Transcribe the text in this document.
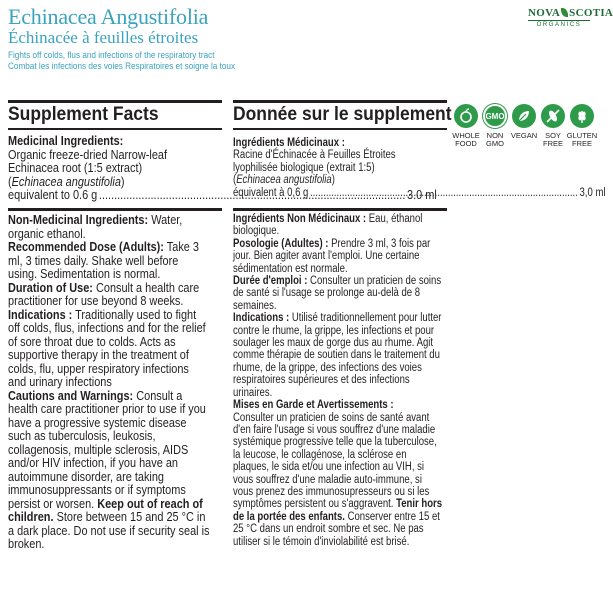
Echinacea Angustifolia
Échinacée à feuilles étroites
Fights off colds, flus and infections of the respiratory tract
Combat les infections des voies Respiratoires et soigne la toux
NOVA SCOTIA
ORGANICS
Supplement Facts	Donnée sur le supplement
Medicinal Ingredients:
Organic freeze-dried Narrow-leaf
Echinacea root (1:5 extract)
(Echinacea angustifolia)
equivalent to 0.6 g .....	3.0 ml

Non-Medicinal Ingredients: Water, organic ethanol.

Recommended Dose (Adults): Take 3 ml, 3 times daily. Shake well before using. Sedimentation is normal.

Duration of Use: Consult a health care practitioner for use beyond 8 weeks.

Indications : Traditionally used to fight off colds, flus, infections and for the relief of sore throat due to colds. Acts as supportive therapy in the treatment of colds, flu, upper respiratory infections and urinary infections

Cautions and Warnings: Consult a health care practitioner prior to use if you have a progressive systemic disease such as tuberculosis, leukosis, collagenosis, multiple sclerosis, AIDS and/or HIV infection, if you have an autoimmune disorder, are taking immunosuppressants or if symptoms persist or worsen. Keep out of reach of children. Store between 15 and 25 °C in a dark place. Do not use if security seal is broken.

Ingrédients Médicinaux :
Racine d'Échinacée à Feuilles Étroites
lyophilisée biologique (extrait 1:5)
(Echinacea angustifolia)
équivalent à 0,6 g .....	3,0 ml

Ingrédients Non Médicinaux : Eau, éthanol biologique.

Posologie (Adultes) : Prendre 3 ml, 3 fois par jour. Bien agiter avant l'emploi. Une certaine sédimentation est normale.

Durée d'emploi : Consulter un praticien de soins de santé si l'usage se prolonge au-delà de 8 semaines.

Indications : Utilisé traditionnellement pour lutter contre le rhume, la grippe, les infections et pour soulager les maux de gorge dus au rhume. Agit comme thérapie de soutien dans le traitement du rhume, de la grippe, des infections des voies respiratoires supérieures et des infections urinaires.

Mises en Garde et Avertissements :
Consulter un praticien de soins de santé avant d'en faire l'usage si vous souffrez d'une maladie systémique progressive telle que la tuberculose, la leucose, le collagénose, la sclérose en plaques, le sida et/ou une infection au VIH, si vous souffrez d'une maladie auto-immune, si vous prenez des immunosupresseurs ou si les symptômes persistent ou s'aggravent. Tenir hors de la portée des enfants. Conserver entre 15 et 25 °C dans un endroit sombre et sec. Ne pas utiliser si le témoin d'inviolabilité est brisé.

WHOLE
FOOD
GMO
NON
GMO
VEGAN SOY
FREE
GLUTEN
FREE
